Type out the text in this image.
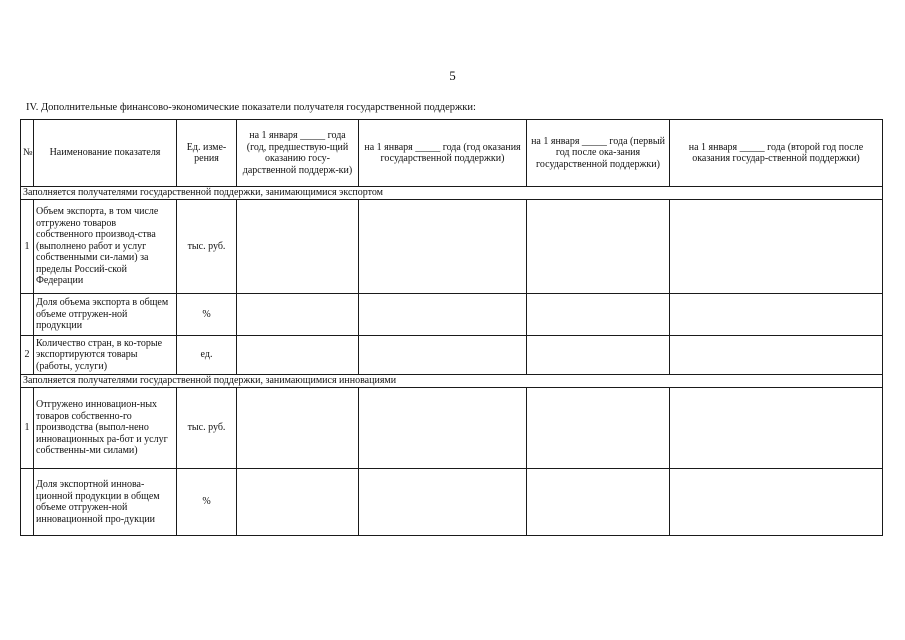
5
IV. Дополнительные финансово-экономические показатели получателя государственной поддержки:
№	Наименование показателя	Ед. изме-рения	на 1 января _____ года (год, предшествую-щий оказанию госу-дарственной поддерж-ки)	на 1 января _____ года (год оказания государственной поддержки)	на 1 января _____ года (первый год после ока-зания государственной поддержки)	на 1 января _____ года (второй год после оказания государ-ственной поддержки)
Заполняется получателями государственной поддержки, занимающимися экспортом						
1	Объем экспорта, в том числе отгружено товаров собственного производ-ства (выполнено работ и услуг собственными си-лами) за пределы Россий-ской Федерации	тыс. руб.				
	Доля объема экспорта в общем объеме отгружен-ной продукции	%				
2	Количество стран, в ко-торые экспортируются товары (работы, услуги)	ед.				
Заполняется получателями государственной поддержки, занимающимися инновациями						
1	Отгружено инновацион-ных товаров собственно-го производства (выпол-нено инновационных ра-бот и услуг собственны-ми силами)	тыс. руб.				
	Доля экспортной иннова-ционной продукции в общем объеме отгружен-ной инновационной про-дукции	%				
